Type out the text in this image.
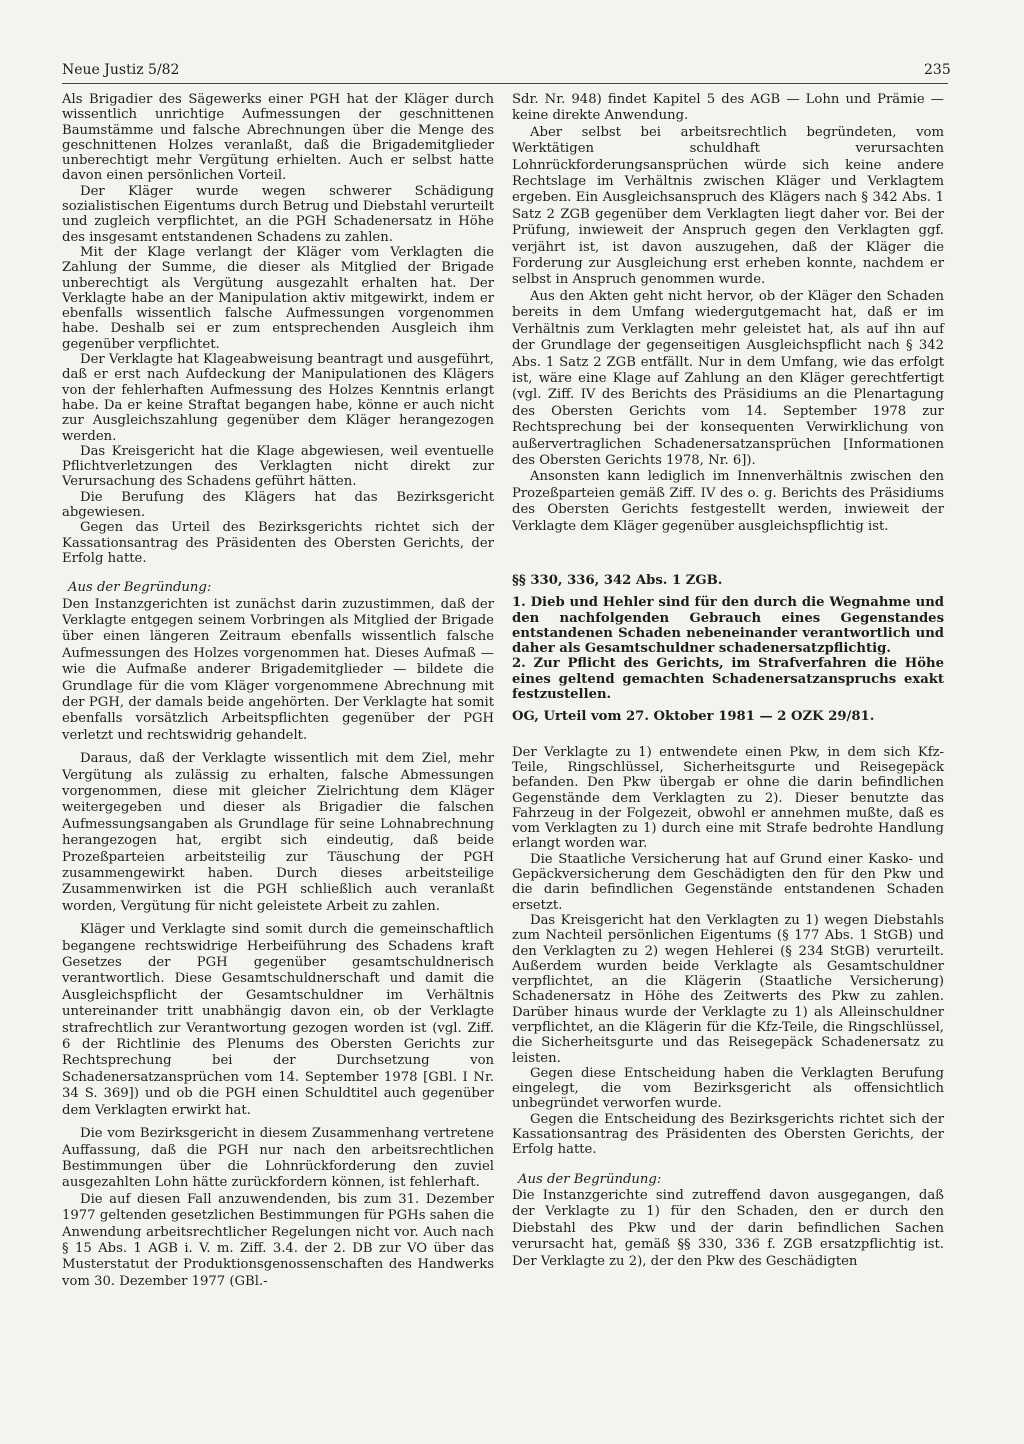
Neue Justiz 5/82	235

Als Brigadier des Sägewerks einer PGH hat der Kläger durch wissentlich unrichtige Aufmessungen der geschnittenen Baumstämme und falsche Abrechnungen über die Menge des geschnittenen Holzes veranlaßt, daß die Brigademitglieder unberechtigt mehr Vergütung erhielten. Auch er selbst hatte davon einen persönlichen Vorteil.

Der Kläger wurde wegen schwerer Schädigung sozialistischen Eigentums durch Betrug und Diebstahl verurteilt und zugleich verpflichtet, an die PGH Schadenersatz in Höhe des insgesamt entstandenen Schadens zu zahlen.

Mit der Klage verlangt der Kläger vom Verklagten die Zahlung der Summe, die dieser als Mitglied der Brigade unberechtigt als Vergütung ausgezahlt erhalten hat. Der Verklagte habe an der Manipulation aktiv mitgewirkt, indem er ebenfalls wissentlich falsche Aufmessungen vorgenommen habe. Deshalb sei er zum entsprechenden Ausgleich ihm gegenüber verpflichtet.

Der Verklagte hat Klageabweisung beantragt und ausgeführt, daß er erst nach Aufdeckung der Manipulationen des Klägers von der fehlerhaften Aufmessung des Holzes Kenntnis erlangt habe. Da er keine Straftat begangen habe, könne er auch nicht zur Ausgleichszahlung gegenüber dem Kläger herangezogen werden.

Das Kreisgericht hat die Klage abgewiesen, weil eventuelle Pflichtverletzungen des Verklagten nicht direkt zur Verursachung des Schadens geführt hätten.

Die Berufung des Klägers hat das Bezirksgericht abgewiesen.

Gegen das Urteil des Bezirksgerichts richtet sich der Kassationsantrag des Präsidenten des Obersten Gerichts, der Erfolg hatte.

Aus der Begründung:

Den Instanzgerichten ist zunächst darin zuzustimmen, daß der Verklagte entgegen seinem Vorbringen als Mitglied der Brigade über einen längeren Zeitraum ebenfalls wissentlich falsche Aufmessungen des Holzes vorgenommen hat. Dieses Aufmaß — wie die Aufmaße anderer Brigademitglieder — bildete die Grundlage für die vom Kläger vorgenommene Abrechnung mit der PGH, der damals beide angehörten. Der Verklagte hat somit ebenfalls vorsätzlich Arbeitspflichten gegenüber der PGH verletzt und rechtswidrig gehandelt.

Daraus, daß der Verklagte wissentlich mit dem Ziel, mehr Vergütung als zulässig zu erhalten, falsche Abmessungen vorgenommen, diese mit gleicher Zielrichtung dem Kläger weitergegeben und dieser als Brigadier die falschen Aufmessungsangaben als Grundlage für seine Lohnabrechnung herangezogen hat, ergibt sich eindeutig, daß beide Prozeßparteien arbeitsteilig zur Täuschung der PGH zusammengewirkt haben. Durch dieses arbeitsteilige Zusammenwirken ist die PGH schließlich auch veranlaßt worden, Vergütung für nicht geleistete Arbeit zu zahlen.

Kläger und Verklagte sind somit durch die gemeinschaftlich begangene rechtswidrige Herbeiführung des Schadens kraft Gesetzes der PGH gegenüber gesamtschuldnerisch verantwortlich. Diese Gesamtschuldnerschaft und damit die Ausgleichspflicht der Gesamtschuldner im Verhältnis untereinander tritt unabhängig davon ein, ob der Verklagte strafrechtlich zur Verantwortung gezogen worden ist (vgl. Ziff. 6 der Richtlinie des Plenums des Obersten Gerichts zur Rechtsprechung bei der Durchsetzung von Schadenersatzansprüchen vom 14. September 1978 [GBl. I Nr. 34 S. 369]) und ob die PGH einen Schuldtitel auch gegenüber dem Verklagten erwirkt hat.

Die vom Bezirksgericht in diesem Zusammenhang vertretene Auffassung, daß die PGH nur nach den arbeitsrechtlichen Bestimmungen über die Lohnrückforderung den zuviel ausgezahlten Lohn hätte zurückfordern können, ist fehlerhaft.

Die auf diesen Fall anzuwendenden, bis zum 31. Dezember 1977 geltenden gesetzlichen Bestimmungen für PGHs sahen die Anwendung arbeitsrechtlicher Regelungen nicht vor. Auch nach § 15 Abs. 1 AGB i. V. m. Ziff. 3.4. der 2. DB zur VO über das Musterstatut der Produktionsgenossenschaften des Handwerks vom 30. Dezember 1977 (GBl.-

Sdr. Nr. 948) findet Kapitel 5 des AGB — Lohn und Prämie — keine direkte Anwendung.

Aber selbst bei arbeitsrechtlich begründeten, vom Werktätigen schuldhaft verursachten Lohnrückforderungsansprüchen würde sich keine andere Rechtslage im Verhältnis zwischen Kläger und Verklagtem ergeben. Ein Ausgleichsanspruch des Klägers nach § 342 Abs. 1 Satz 2 ZGB gegenüber dem Verklagten liegt daher vor. Bei der Prüfung, inwieweit der Anspruch gegen den Verklagten ggf. verjährt ist, ist davon auszugehen, daß der Kläger die Forderung zur Ausgleichung erst erheben konnte, nachdem er selbst in Anspruch genommen wurde.

Aus den Akten geht nicht hervor, ob der Kläger den Schaden bereits in dem Umfang wiedergutgemacht hat, daß er im Verhältnis zum Verklagten mehr geleistet hat, als auf ihn auf der Grundlage der gegenseitigen Ausgleichspflicht nach § 342 Abs. 1 Satz 2 ZGB entfällt. Nur in dem Umfang, wie das erfolgt ist, wäre eine Klage auf Zahlung an den Kläger gerechtfertigt (vgl. Ziff. IV des Berichts des Präsidiums an die Plenartagung des Obersten Gerichts vom 14. September 1978 zur Rechtsprechung bei der konsequenten Verwirklichung von außervertraglichen Schadenersatzansprüchen [Informationen des Obersten Gerichts 1978, Nr. 6]).

Ansonsten kann lediglich im Innenverhältnis zwischen den Prozeßparteien gemäß Ziff. IV des o. g. Berichts des Präsidiums des Obersten Gerichts festgestellt werden, inwieweit der Verklagte dem Kläger gegenüber ausgleichspflichtig ist.

§§ 330, 336, 342 Abs. 1 ZGB.

1. Dieb und Hehler sind für den durch die Wegnahme und den nachfolgenden Gebrauch eines Gegenstandes entstandenen Schaden nebeneinander verantwortlich und daher als Gesamtschuldner schadenersatzpflichtig.

2. Zur Pflicht des Gerichts, im Strafverfahren die Höhe eines geltend gemachten Schadenersatzanspruchs exakt festzustellen.

OG, Urteil vom 27. Oktober 1981 — 2 OZK 29/81.

Der Verklagte zu 1) entwendete einen Pkw, in dem sich Kfz-Teile, Ringschlüssel, Sicherheitsgurte und Reisegepäck befanden. Den Pkw übergab er ohne die darin befindlichen Gegenstände dem Verklagten zu 2). Dieser benutzte das Fahrzeug in der Folgezeit, obwohl er annehmen mußte, daß es vom Verklagten zu 1) durch eine mit Strafe bedrohte Handlung erlangt worden war.

Die Staatliche Versicherung hat auf Grund einer Kasko- und Gepäckversicherung dem Geschädigten den für den Pkw und die darin befindlichen Gegenstände entstandenen Schaden ersetzt.

Das Kreisgericht hat den Verklagten zu 1) wegen Diebstahls zum Nachteil persönlichen Eigentums (§ 177 Abs. 1 StGB) und den Verklagten zu 2) wegen Hehlerei (§ 234 StGB) verurteilt. Außerdem wurden beide Verklagte als Gesamtschuldner verpflichtet, an die Klägerin (Staatliche Versicherung) Schadenersatz in Höhe des Zeitwerts des Pkw zu zahlen. Darüber hinaus wurde der Verklagte zu 1) als Alleinschuldner verpflichtet, an die Klägerin für die Kfz-Teile, die Ringschlüssel, die Sicherheitsgurte und das Reisegepäck Schadenersatz zu leisten.

Gegen diese Entscheidung haben die Verklagten Berufung eingelegt, die vom Bezirksgericht als offensichtlich unbegründet verworfen wurde.

Gegen die Entscheidung des Bezirksgerichts richtet sich der Kassationsantrag des Präsidenten des Obersten Gerichts, der Erfolg hatte.

Aus der Begründung:

Die Instanzgerichte sind zutreffend davon ausgegangen, daß der Verklagte zu 1) für den Schaden, den er durch den Diebstahl des Pkw und der darin befindlichen Sachen verursacht hat, gemäß §§ 330, 336 f. ZGB ersatzpflichtig ist. Der Verklagte zu 2), der den Pkw des Geschädigten
